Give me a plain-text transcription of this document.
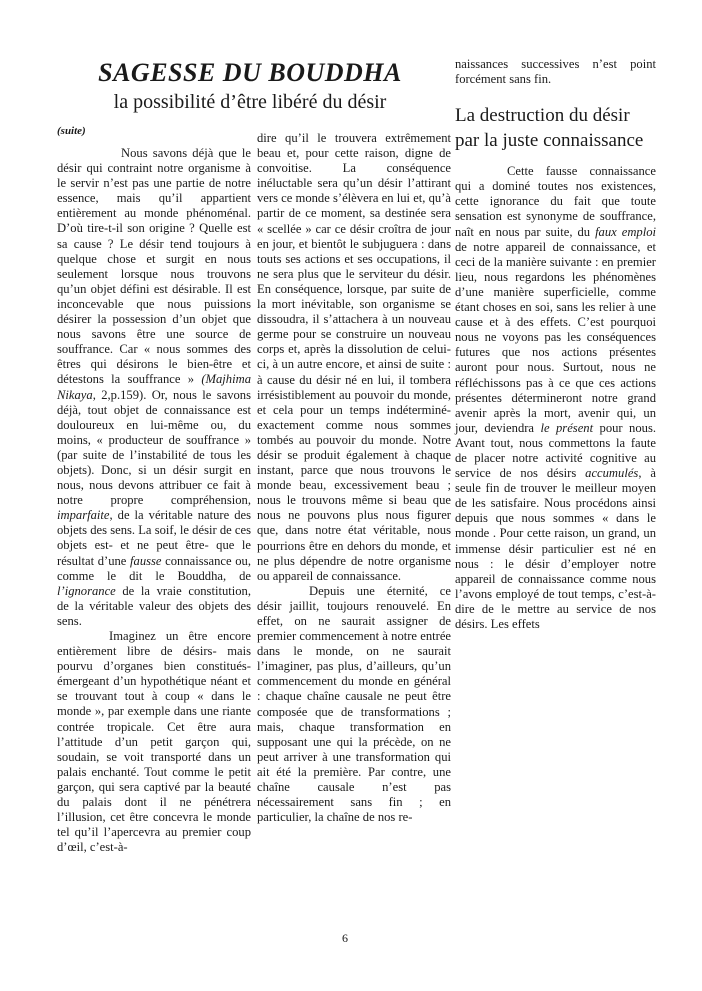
SAGESSE DU BOUDDHA
la possibilité d’être libéré du désir
(suite)
Nous savons déjà que le désir qui contraint notre organisme à le servir n’est pas une partie de notre essence, mais qu’il appartient entièrement au monde phénoménal. D’où tire-t-il son origine ? Quelle est sa cause ? Le désir tend toujours à quelque chose et surgit en nous seulement lorsque nous trouvons qu’un objet défini est désirable. Il est inconcevable que nous puissions désirer la possession d’un objet que nous savons être une source de souffrance. Car « nous sommes des êtres qui désirons le bien-être et détestons la souffrance » (Majhima Nikaya, 2,p.159). Or, nous le savons déjà, tout objet de connaissance est douloureux en lui-même ou, du moins, « producteur de souffrance » (par suite de l’instabilité de tous les objets). Donc, si un désir surgit en nous, nous devons attribuer ce fait à notre propre compréhension, imparfaite, de la véritable nature des objets des sens. La soif, le désir de ces objets est- et ne peut être- que le résultat d’une fausse connaissance ou, comme le dit le Bouddha, de l’ignorance de la vraie constitution, de la véritable valeur des objets des sens.
Imaginez un être encore entièrement libre de désirs- mais pourvu d’organes bien constitués- émergeant d’un hypothétique néant et se trouvant tout à coup « dans le monde », par exemple dans une riante contrée tropicale. Cet être aura l’attitude d’un petit garçon qui, soudain, se voit transporté dans un palais enchanté. Tout comme le petit garçon, qui sera captivé par la beauté du palais dont il ne pénétrera l’illusion, cet être concevra le monde tel qu’il l’apercevra au premier coup d’œil, c’est-à-
dire qu’il le trouvera extrêmement beau et, pour cette raison, digne de convoitise. La conséquence inéluctable sera qu’un désir l’attirant vers ce monde s’élèvera en lui et, qu’à partir de ce moment, sa destinée sera « scellée » car ce désir croîtra de jour en jour, et bientôt le subjuguera : dans touts ses actions et ses occupations, il ne sera plus que le serviteur du désir. En conséquence, lorsque, par suite de la mort inévitable, son organisme se dissoudra, il s’attachera à un nouveau germe pour se construire un nouveau corps et, après la dissolution de celui-ci, à un autre encore, et ainsi de suite : à cause du désir né en lui, il tombera irrésistiblement au pouvoir du monde, et cela pour un temps indéterminé-exactement comme nous sommes tombés au pouvoir du monde. Notre désir se produit également à chaque instant, parce que nous trouvons le monde beau, excessivement beau ; nous le trouvons même si beau que nous ne pouvons plus nous figurer que, dans notre état véritable, nous pourrions être en dehors du monde, et ne plus dépendre de notre organisme ou appareil de connaissance.
Depuis une éternité, ce désir jaillit, toujours renouvelé. En effet, on ne saurait assigner de premier commencement à notre entrée dans le monde, on ne saurait l’imaginer, pas plus, d’ailleurs, qu’un commencement du monde en général : chaque chaîne causale ne peut être composée que de transformations ; mais, chaque transformation en supposant une qui la précède, on ne peut arriver à une transformation qui ait été la première. Par contre, une chaîne causale n’est pas nécessairement sans fin ; en particulier, la chaîne de nos re-
naissances successives n’est point forcément sans fin.
La destruction du désir
par la juste connaissance
Cette fausse connaissance qui a dominé toutes nos existences, cette ignorance du fait que toute sensation est synonyme de souffrance, naît en nous par suite, du faux emploi de notre appareil de connaissance, et ceci de la manière suivante : en premier lieu, nous regardons les phénomènes d’une manière superficielle, comme étant choses en soi, sans les relier à une cause et à des effets. C’est pourquoi nous ne voyons pas les conséquences futures que nos actions présentes auront pour nous. Surtout, nous ne réfléchissons pas à ce que ces actions présentes détermineront notre grand avenir après la mort, avenir qui, un jour, deviendra le présent pour nous. Avant tout, nous commettons la faute de placer notre activité cognitive au service de nos désirs accumulés, à seule fin de trouver le meilleur moyen de les satisfaire. Nous procédons ainsi depuis que nous sommes « dans le monde . Pour cette raison, un grand, un immense désir particulier est né en nous : le désir d’employer notre appareil de connaissance comme nous l’avons employé de tout temps, c’est-à-dire de le mettre au service de nos désirs. Les effets
6
